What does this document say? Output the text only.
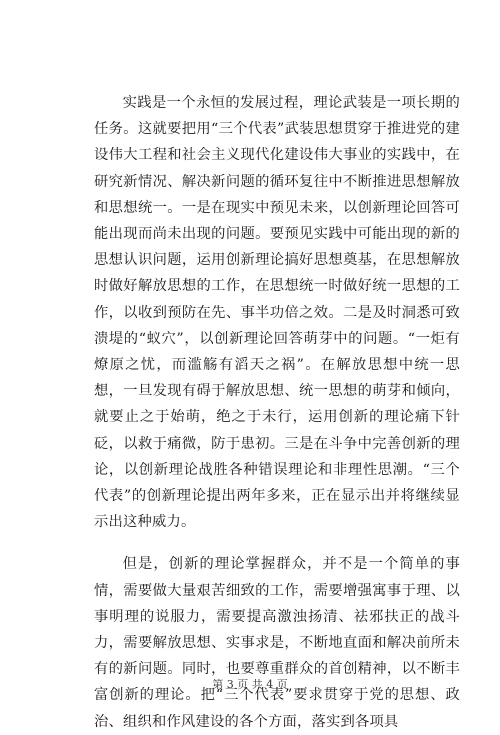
实践是一个永恒的发展过程，理论武装是一项长期的任务。这就要把用“三个代表”武装思想贯穿于推进党的建设伟大工程和社会主义现代化建设伟大事业的实践中，在研究新情况、解决新问题的循环复往中不断推进思想解放和思想统一。一是在现实中预见未来，以创新理论回答可能出现而尚未出现的问题。要预见实践中可能出现的新的思想认识问题，运用创新理论搞好思想奠基，在思想解放时做好解放思想的工作，在思想统一时做好统一思想的工作，以收到预防在先、事半功倍之效。二是及时洞悉可致溃堤的“蚁穴”，以创新理论回答萌芽中的问题。“一炬有燎原之忧，而滥觞有滔天之祸”。在解放思想中统一思想，一旦发现有碍于解放思想、统一思想的萌芽和倾向，就要止之于始萌，绝之于未行，运用创新的理论痛下针砭，以救于痛微，防于患初。三是在斗争中完善创新的理论，以创新理论战胜各种错误理论和非理性思潮。“三个代表”的创新理论提出两年多来，正在显示出并将继续显示出这种威力。

但是，创新的理论掌握群众，并不是一个简单的事情，需要做大量艰苦细致的工作，需要增强寓事于理、以事明理的说服力，需要提高激浊扬清、祛邪扶正的战斗力，需要解放思想、实事求是，不断地直面和解决前所未有的新问题。同时，也要尊重群众的首创精神，以不断丰富创新的理论。把“三个代表”要求贯穿于党的思想、政治、组织和作风建设的各个方面，落实到各项具

第 3 页 共 4 页
